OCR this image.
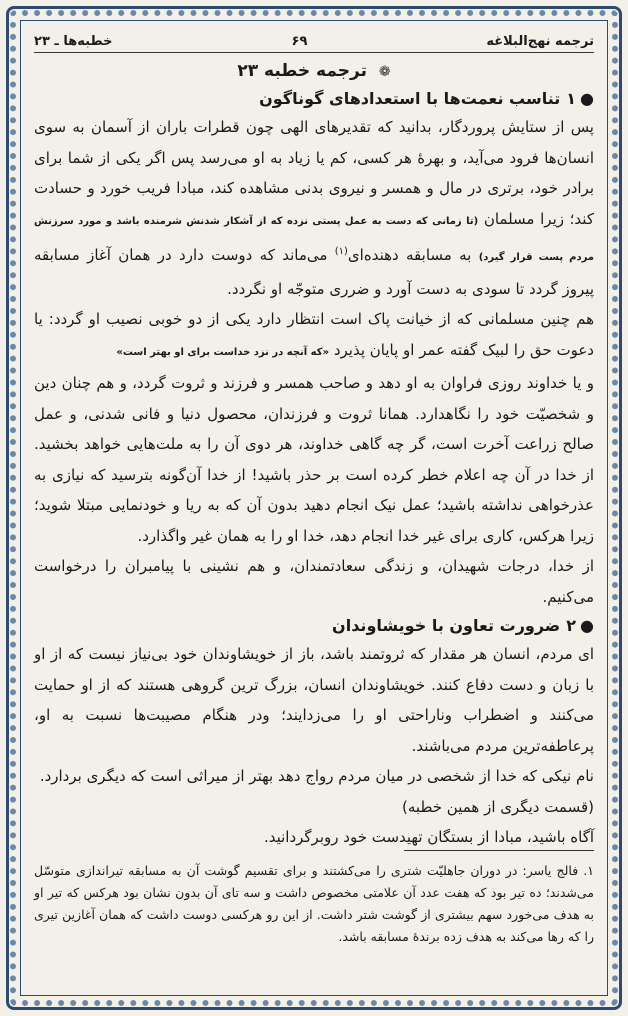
ترجمه نهج‌البلاغه
۶۹
خطبه‌ها ـ ۲۳
❁ ترجمه خطبه ۲۳
●۱تناسب نعمت‌ها با استعدادهای گوناگون

پس از ستایش پروردگار، بدانید که تقدیرهای الهی چون قطرات باران از آسمان به سوی انسان‌ها فرود می‌آید، و بهرهٔ هر کسی، کم یا زیاد به او می‌رسد پس اگر یکی از شما برای برادر خود، برتری در مال و همسر و نیروی بدنی مشاهده کند، مبادا فریب خورد و حسادت کند؛ زیرا مسلمان (تا زمانی که دست به عمل پستی نزده که از آشکار شدنش شرمنده باشد و مورد سرزنش مردم پست قرار گیرد) به مسابقه دهنده‌ای$^{(۱)}$ می‌ماند که دوست دارد در همان آغاز مسابقه پیروز گردد تا سودی به دست آورد و ضرری متوجّه او نگردد.

هم چنین مسلمانی که از خیانت پاک است انتظار دارد یکی از دو خوبی نصیب او گردد: یا دعوت حق را لبیک گفته عمر او پایان پذیرد «که آنچه در نزد خداست برای او بهتر است»

و یا خداوند روزی فراوان به او دهد و صاحب همسر و فرزند و ثروت گردد، و هم چنان دین و شخصیّت خود را نگاهدارد. همانا ثروت و فرزندان، محصول دنیا و فانی شدنی، و عمل صالح زراعت آخرت است، گر چه گاهی خداوند، هر دوی آن را به ملت‌هایی خواهد بخشید. از خدا در آن چه اعلام خطر کرده است بر حذر باشید! از خدا آن‌گونه بترسید که نیازی به عذرخواهی نداشته باشید؛ عمل نیک انجام دهید بدون آن که به ریا و خودنمایی مبتلا شوید؛ زیرا هرکس، کاری برای غیر خدا انجام دهد، خدا او را به همان غیر واگذارد.

از خدا، درجات شهیدان، و زندگی سعادتمندان، و هم نشینی با پیامبران را درخواست می‌کنیم.

●۲ضرورت تعاون با خویشاوندان

ای مردم، انسان هر مقدار که ثروتمند باشد، باز از خویشاوندان خود بی‌نیاز نیست که از او با زبان و دست دفاع کنند. خویشاوندان انسان، بزرگ ترین گروهی هستند که از او حمایت می‌کنند و اضطراب وناراحتی او را می‌زدایند؛ ودر هنگام مصیبت‌ها نسبت به او، پرعاطفه‌ترین مردم می‌باشند.

نام نیکی که خدا از شخصی در میان مردم رواج دهد بهتر از میراثی است که دیگری بردارد.

(قسمت دیگری از همین خطبه)

آگاه باشید، مبادا از بستگان تهیدست خود روبرگردانید.

۱. فالج یاسر: در دوران جاهلیّت شتری را می‌کشتند و برای تقسیم گوشت آن به مسابقه تیراندازی متوسّل می‌شدند؛ ده تیر بود که هفت عدد آن علامتی مخصوص داشت و سه تای آن بدون نشان بود هرکس که تیر او به هدف می‌خورد سهم بیشتری از گوشت شتر داشت. از این رو هرکسی دوست داشت که همان آغازین تیری را که رها می‌کند به هدف زده برندهٔ مسابقه باشد.
